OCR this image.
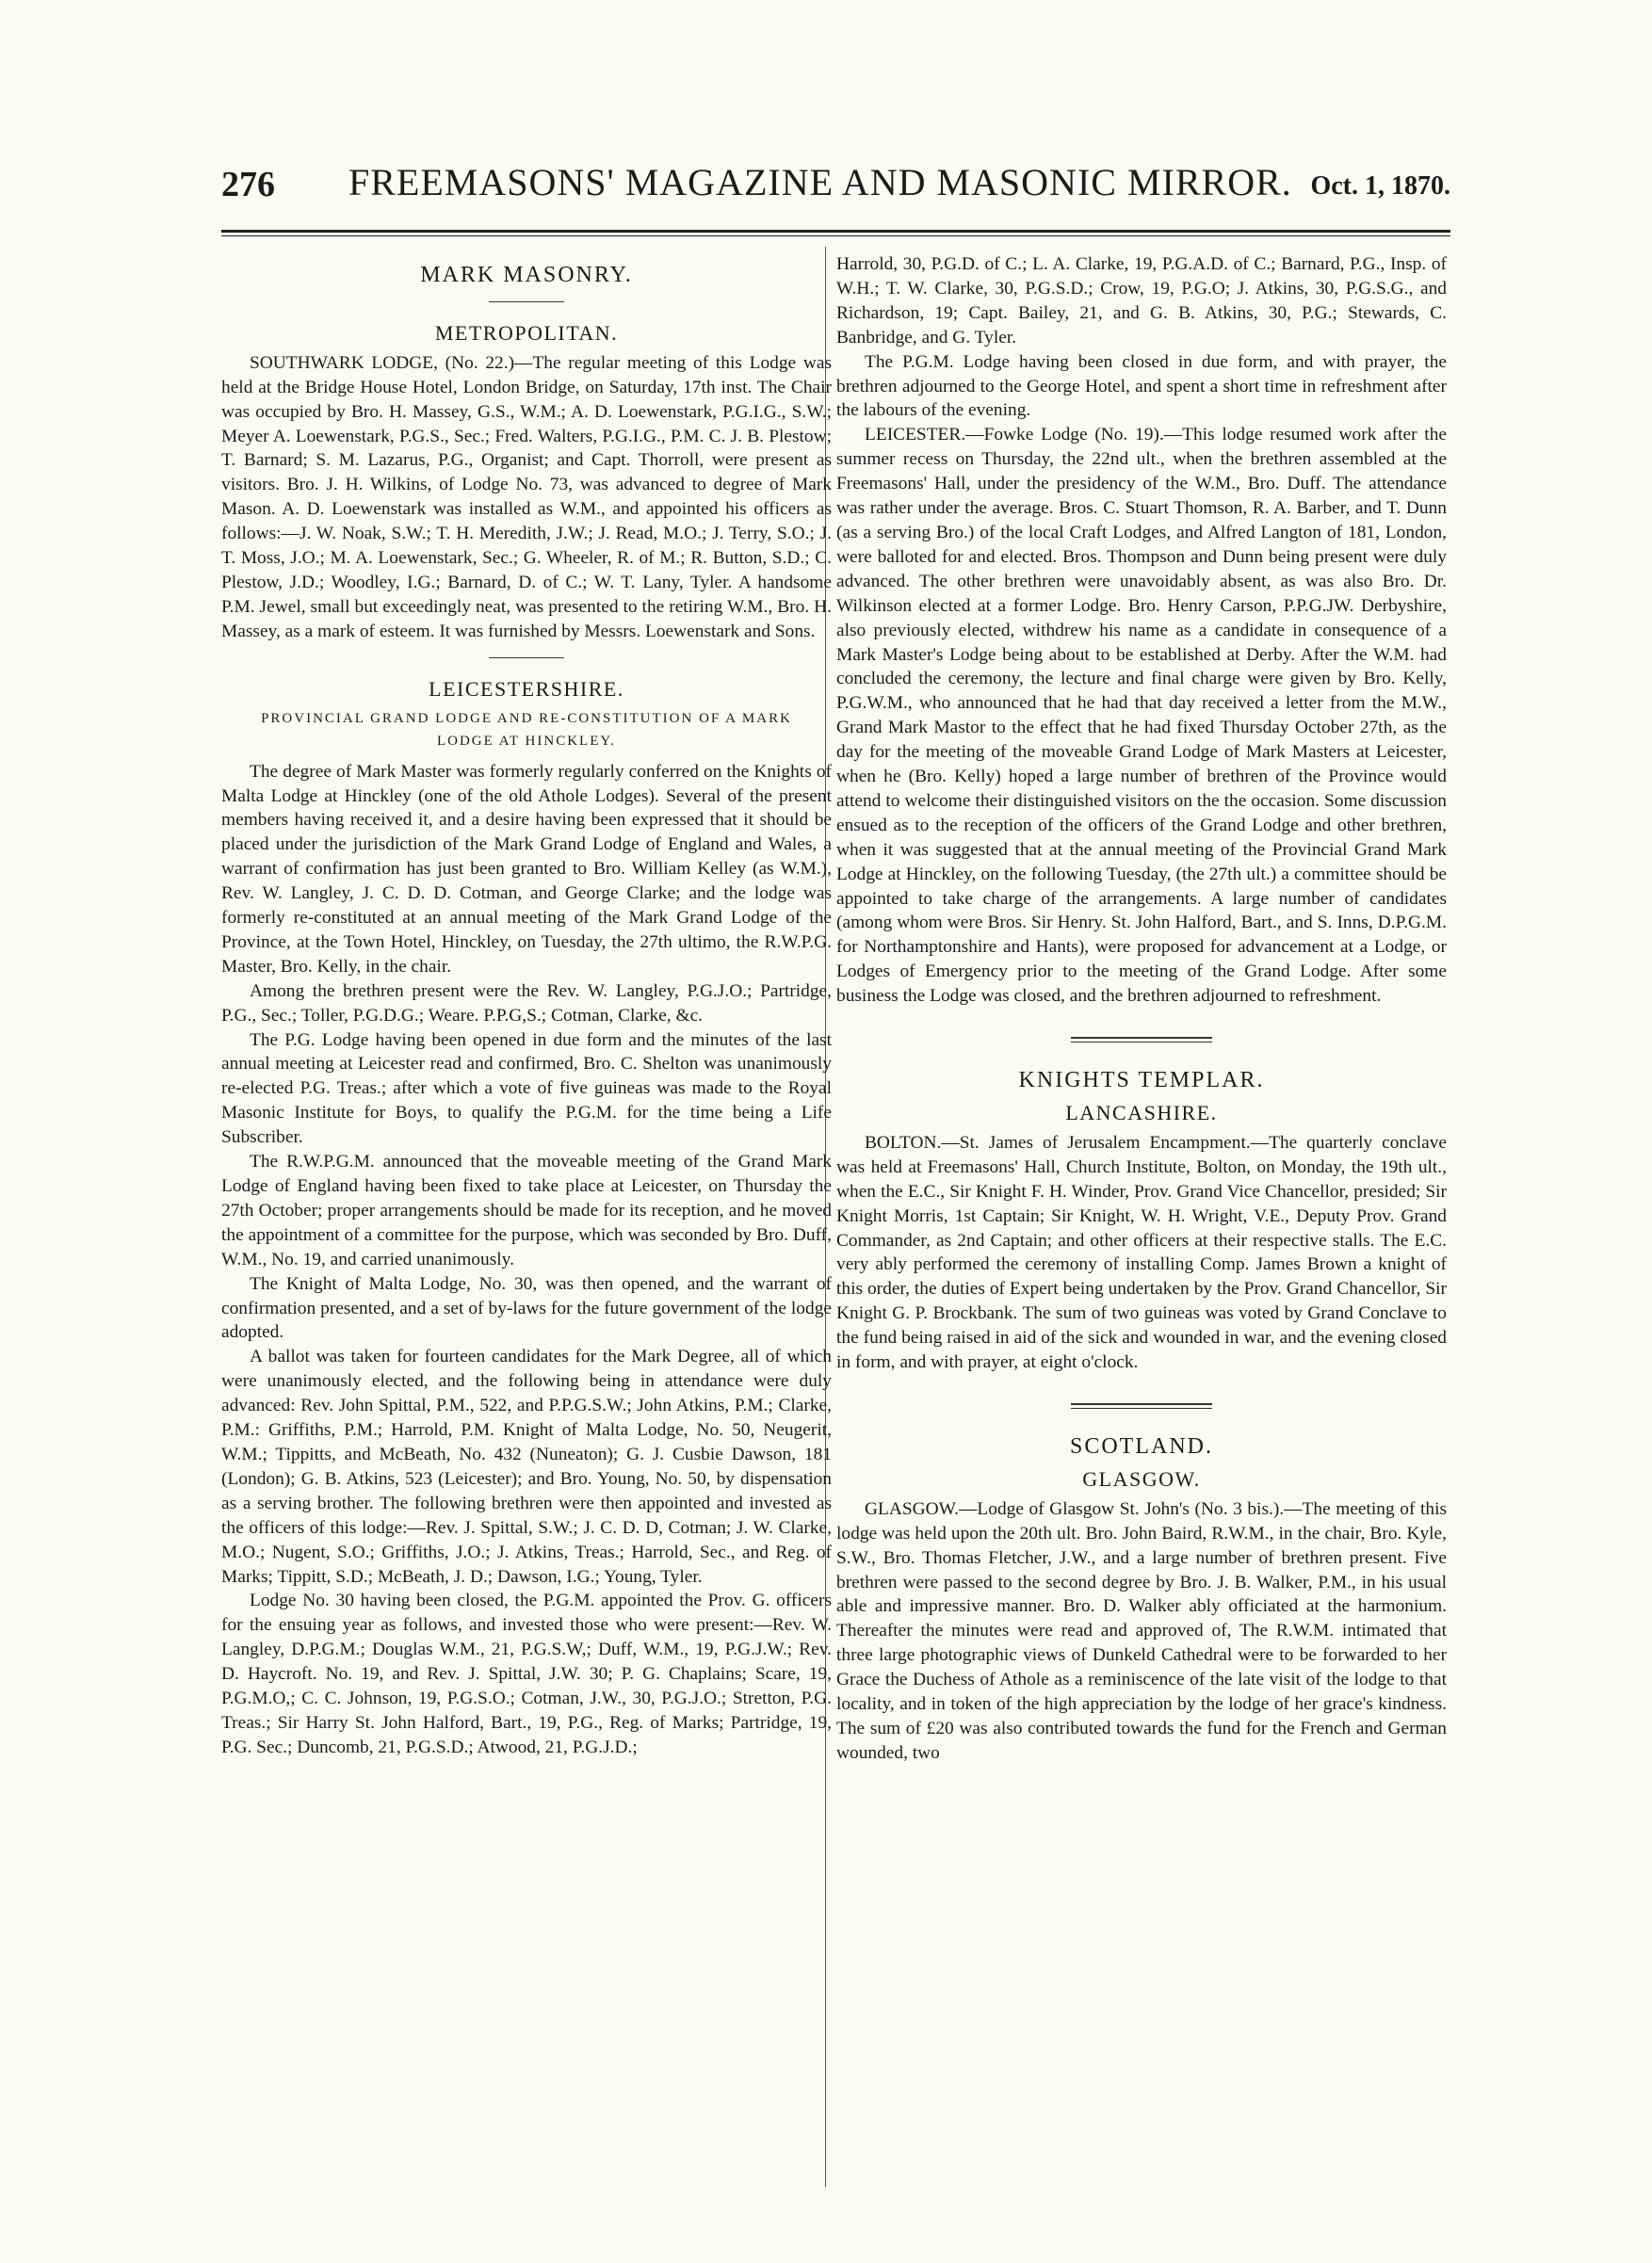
276 FREEMASONS' MAGAZINE AND MASONIC MIRROR. Oct. 1, 1870.
MARK MASONRY.
METROPOLITAN.

SOUTHWARK LODGE, (No. 22.)—The regular meeting of this Lodge was held at the Bridge House Hotel, London Bridge, on Saturday, 17th inst. The Chair was occupied by Bro. H. Massey, G.S., W.M.; A. D. Loewenstark, P.G.I.G., S.W.; Meyer A. Loewenstark, P.G.S., Sec.; Fred. Walters, P.G.I.G., P.M. C. J. B. Plestow; T. Barnard; S. M. Lazarus, P.G., Organist; and Capt. Thorroll, were present as visitors. Bro. J. H. Wilkins, of Lodge No. 73, was advanced to degree of Mark Mason. A. D. Loewenstark was installed as W.M., and appointed his officers as follows:—J. W. Noak, S.W.; T. H. Meredith, J.W.; J. Read, M.O.; J. Terry, S.O.; J. T. Moss, J.O.; M. A. Loewenstark, Sec.; G. Wheeler, R. of M.; R. Button, S.D.; C. Plestow, J.D.; Woodley, I.G.; Barnard, D. of C.; W. T. Lany, Tyler. A handsome P.M. Jewel, small but exceedingly neat, was presented to the retiring W.M., Bro. H. Massey, as a mark of esteem. It was furnished by Messrs. Loewenstark and Sons.

LEICESTERSHIRE.

PROVINCIAL GRAND LODGE AND RE-CONSTITUTION OF A MARK LODGE AT HINCKLEY.

The degree of Mark Master was formerly regularly conferred on the Knights of Malta Lodge at Hinckley (one of the old Athole Lodges). Several of the present members having received it, and a desire having been expressed that it should be placed under the jurisdiction of the Mark Grand Lodge of England and Wales, a warrant of confirmation has just been granted to Bro. William Kelley (as W.M.), Rev. W. Langley, J. C. D. D. Cotman, and George Clarke; and the lodge was formerly re-constituted at an annual meeting of the Mark Grand Lodge of the Province, at the Town Hotel, Hinckley, on Tuesday, the 27th ultimo, the R.W.P.G. Master, Bro. Kelly, in the chair.

Among the brethren present were the Rev. W. Langley, P.G.J.O.; Partridge, P.G., Sec.; Toller, P.G.D.G.; Weare. P.P.G,S.; Cotman, Clarke, &c.

The P.G. Lodge having been opened in due form and the minutes of the last annual meeting at Leicester read and confirmed, Bro. C. Shelton was unanimously re-elected P.G. Treas.; after which a vote of five guineas was made to the Royal Masonic Institute for Boys, to qualify the P.G.M. for the time being a Life Subscriber.

The R.W.P.G.M. announced that the moveable meeting of the Grand Mark Lodge of England having been fixed to take place at Leicester, on Thursday the 27th October; proper arrangements should be made for its reception, and he moved the appointment of a committee for the purpose, which was seconded by Bro. Duff, W.M., No. 19, and carried unanimously.

The Knight of Malta Lodge, No. 30, was then opened, and the warrant of confirmation presented, and a set of by-laws for the future government of the lodge adopted.

A ballot was taken for fourteen candidates for the Mark Degree, all of which were unanimously elected, and the following being in attendance were duly advanced: Rev. John Spittal, P.M., 522, and P.P.G.S.W.; John Atkins, P.M.; Clarke, P.M.: Griffiths, P.M.; Harrold, P.M. Knight of Malta Lodge, No. 50, Neugerit, W.M.; Tippitts, and McBeath, No. 432 (Nuneaton); G. J. Cusbie Dawson, 181 (London); G. B. Atkins, 523 (Leicester); and Bro. Young, No. 50, by dispensation as a serving brother. The following brethren were then appointed and invested as the officers of this lodge:—Rev. J. Spittal, S.W.; J. C. D. D, Cotman; J. W. Clarke, M.O.; Nugent, S.O.; Griffiths, J.O.; J. Atkins, Treas.; Harrold, Sec., and Reg. of Marks; Tippitt, S.D.; McBeath, J. D.; Dawson, I.G.; Young, Tyler.

Lodge No. 30 having been closed, the P.G.M. appointed the Prov. G. officers for the ensuing year as follows, and invested those who were present:—Rev. W. Langley, D.P.G.M.; Douglas W.M., 21, P.G.S.W,; Duff, W.M., 19, P.G.J.W.; Rev. D. Haycroft. No. 19, and Rev. J. Spittal, J.W. 30; P. G. Chaplains; Scare, 19, P.G.M.O,; C. C. Johnson, 19, P.G.S.O.; Cotman, J.W., 30, P.G.J.O.; Stretton, P.G. Treas.; Sir Harry St. John Halford, Bart., 19, P.G., Reg. of Marks; Partridge, 19, P.G. Sec.; Duncomb, 21, P.G.S.D.; Atwood, 21, P.G.J.D.;

Harrold, 30, P.G.D. of C.; L. A. Clarke, 19, P.G.A.D. of C.; Barnard, P.G., Insp. of W.H.; T. W. Clarke, 30, P.G.S.D.; Crow, 19, P.G.O; J. Atkins, 30, P.G.S.G., and Richardson, 19; Capt. Bailey, 21, and G. B. Atkins, 30, P.G.; Stewards, C. Banbridge, and G. Tyler.

The P.G.M. Lodge having been closed in due form, and with prayer, the brethren adjourned to the George Hotel, and spent a short time in refreshment after the labours of the evening.

LEICESTER.—Fowke Lodge (No. 19).—This lodge resumed work after the summer recess on Thursday, the 22nd ult., when the brethren assembled at the Freemasons' Hall, under the presidency of the W.M., Bro. Duff. The attendance was rather under the average. Bros. C. Stuart Thomson, R. A. Barber, and T. Dunn (as a serving Bro.) of the local Craft Lodges, and Alfred Langton of 181, London, were balloted for and elected. Bros. Thompson and Dunn being present were duly advanced. The other brethren were unavoidably absent, as was also Bro. Dr. Wilkinson elected at a former Lodge. Bro. Henry Carson, P.P.G.JW. Derbyshire, also previously elected, withdrew his name as a candidate in consequence of a Mark Master's Lodge being about to be established at Derby. After the W.M. had concluded the ceremony, the lecture and final charge were given by Bro. Kelly, P.G.W.M., who announced that he had that day received a letter from the M.W., Grand Mark Mastor to the effect that he had fixed Thursday October 27th, as the day for the meeting of the moveable Grand Lodge of Mark Masters at Leicester, when he (Bro. Kelly) hoped a large number of brethren of the Province would attend to welcome their distinguished visitors on the the occasion. Some discussion ensued as to the reception of the officers of the Grand Lodge and other brethren, when it was suggested that at the annual meeting of the Provincial Grand Mark Lodge at Hinckley, on the following Tuesday, (the 27th ult.) a committee should be appointed to take charge of the arrangements. A large number of candidates (among whom were Bros. Sir Henry. St. John Halford, Bart., and S. Inns, D.P.G.M. for Northamptonshire and Hants), were proposed for advancement at a Lodge, or Lodges of Emergency prior to the meeting of the Grand Lodge. After some business the Lodge was closed, and the brethren adjourned to refreshment.

KNIGHTS TEMPLAR.
LANCASHIRE.

BOLTON.—St. James of Jerusalem Encampment.—The quarterly conclave was held at Freemasons' Hall, Church Institute, Bolton, on Monday, the 19th ult., when the E.C., Sir Knight F. H. Winder, Prov. Grand Vice Chancellor, presided; Sir Knight Morris, 1st Captain; Sir Knight, W. H. Wright, V.E., Deputy Prov. Grand Commander, as 2nd Captain; and other officers at their respective stalls. The E.C. very ably performed the ceremony of installing Comp. James Brown a knight of this order, the duties of Expert being undertaken by the Prov. Grand Chancellor, Sir Knight G. P. Brockbank. The sum of two guineas was voted by Grand Conclave to the fund being raised in aid of the sick and wounded in war, and the evening closed in form, and with prayer, at eight o'clock.

SCOTLAND.
GLASGOW.

GLASGOW.—Lodge of Glasgow St. John's (No. 3 bis.).—The meeting of this lodge was held upon the 20th ult. Bro. John Baird, R.W.M., in the chair, Bro. Kyle, S.W., Bro. Thomas Fletcher, J.W., and a large number of brethren present. Five brethren were passed to the second degree by Bro. J. B. Walker, P.M., in his usual able and impressive manner. Bro. D. Walker ably officiated at the harmonium. Thereafter the minutes were read and approved of, The R.W.M. intimated that three large photographic views of Dunkeld Cathedral were to be forwarded to her Grace the Duchess of Athole as a reminiscence of the late visit of the lodge to that locality, and in token of the high appreciation by the lodge of her grace's kindness. The sum of £20 was also contributed towards the fund for the French and German wounded, two
